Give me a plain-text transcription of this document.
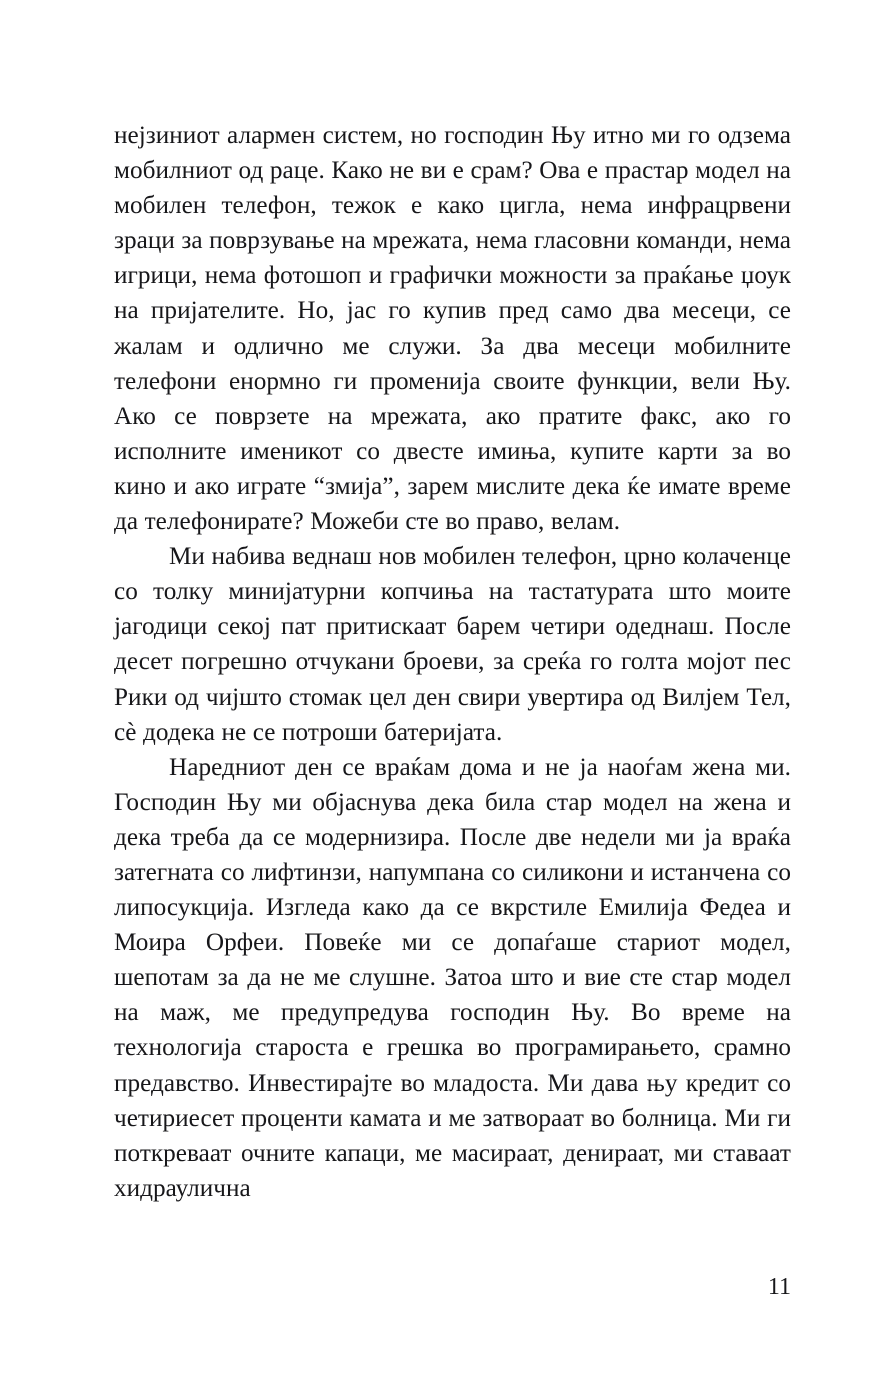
нејзиниот алармен систем, но господин Њу итно ми го одзема мобилниот од раце. Како не ви е срам? Ова е прастар модел на мобилен телефон, тежок е како цигла, нема инфрацрвени зраци за поврзување на мрежата, нема гласовни команди, нема игрици, нема фотошоп и графички можности за праќање џоук на пријателите. Но, јас го купив пред само два месеци, се жалам и одлично ме служи. За два месеци мобилните телефони енормно ги променија своите функции, вели Њу. Ако се поврзете на мрежата, ако пратите факс, ако го исполните именикот со двесте имиња, купите карти за во кино и ако играте “змија”, зарем мислите дека ќе имате време да телефонирате? Можеби сте во право, велам.

Ми набива веднаш нов мобилен телефон, црно колаченце со толку минијатурни копчиња на тастатурата што моите јагодици секој пат притискаат барем четири одеднаш. После десет погрешно отчукани броеви, за среќа го голта мојот пес Рики од чијшто стомак цел ден свири увертира од Вилјем Тел, сѐ додека не се потроши батеријата.

Наредниот ден се враќам дома и не ја наоѓам жена ми. Господин Њу ми објаснува дека била стар модел на жена и дека треба да се модернизира. После две недели ми ја враќа затегната со лифтинзи, напумпана со силикони и истанчена со липосукција. Изгледа како да се вкрстиле Емилија Федеа и Моира Орфеи. Повеќе ми се допаѓаше стариот модел, шепотам за да не ме слушне. Затоа што и вие сте стар модел на маж, ме предупредува господин Њу. Во време на технологија староста е грешка во програмирањето, срамно предавство. Инвестирајте во младоста. Ми дава њу кредит со четириесет проценти камата и ме затвораат во болница. Ми ги поткреваат очните капаци, ме масираат, денираат, ми ставаат хидраулична

11
